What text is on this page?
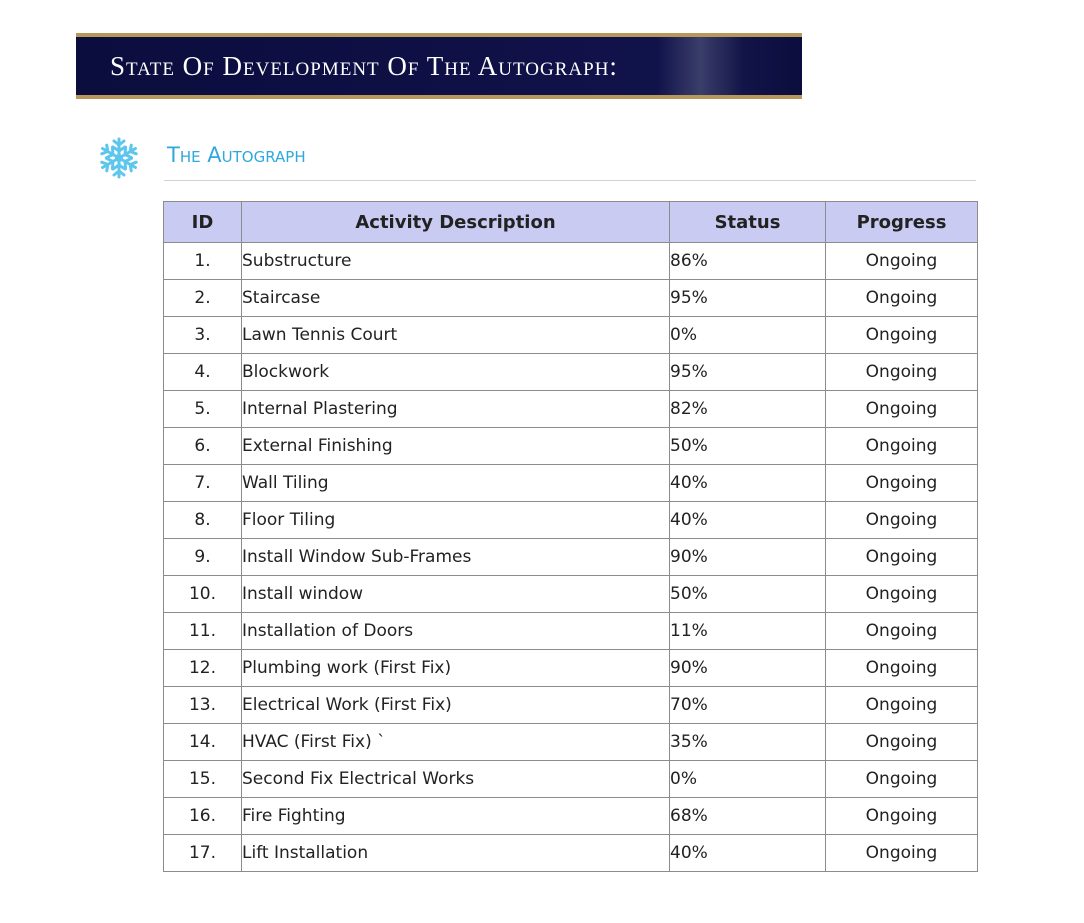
State Of Development Of The Autograph:
The Autograph
ID	Activity Description	Status	Progress
1.	Substructure	86%	Ongoing
2.	Staircase	95%	Ongoing
3.	Lawn Tennis Court	0%	Ongoing
4.	Blockwork	95%	Ongoing
5.	Internal Plastering	82%	Ongoing
6.	External Finishing	50%	Ongoing
7.	Wall Tiling	40%	Ongoing
8.	Floor Tiling	40%	Ongoing
9.	Install Window Sub-Frames	90%	Ongoing
10.	Install window	50%	Ongoing
11.	Installation of Doors	11%	Ongoing
12.	Plumbing work (First Fix)	90%	Ongoing
13.	Electrical Work (First Fix)	70%	Ongoing
14.	HVAC (First Fix) `	35%	Ongoing
15.	Second Fix Electrical Works	0%	Ongoing
16.	Fire Fighting	68%	Ongoing
17.	Lift Installation	40%	Ongoing
